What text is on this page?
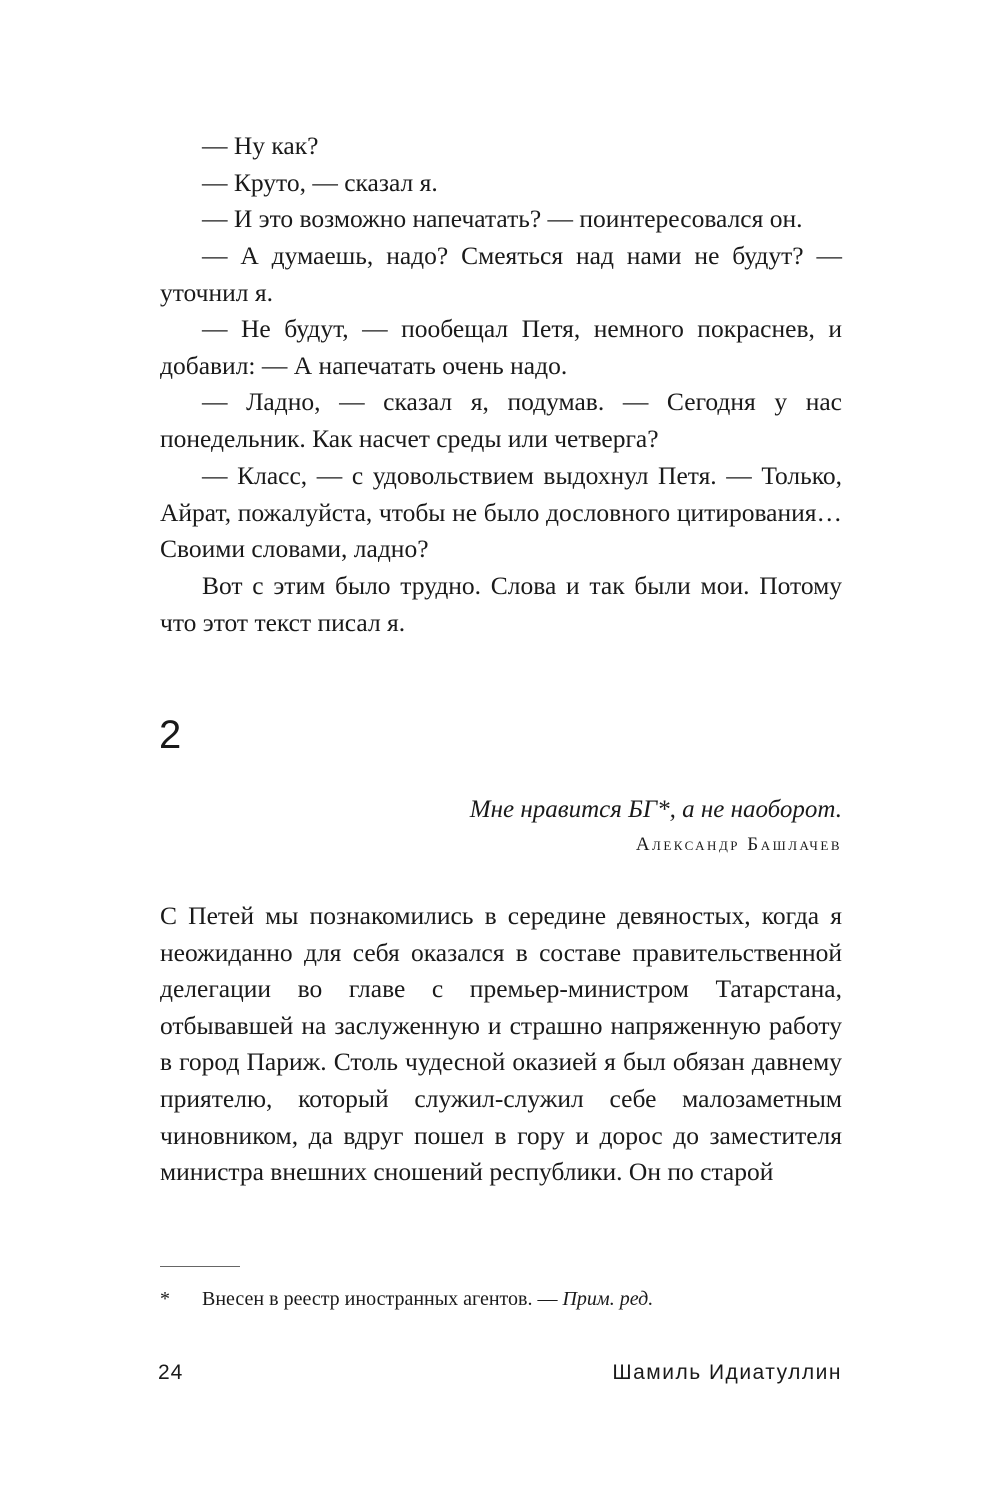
— Ну как?

— Круто, — сказал я.

— И это возможно напечатать? — поинтересовался он.

— А думаешь, надо? Смеяться над нами не будут? — уточнил я.

— Не будут, — пообещал Петя, немного покраснев, и добавил: — А напечатать очень надо.

— Ладно, — сказал я, подумав. — Сегодня у нас понедельник. Как насчет среды или четверга?

— Класс, — с удовольствием выдохнул Петя. — Только, Айрат, пожалуйста, чтобы не было дословного цитирования… Своими словами, ладно?

Вот с этим было трудно. Слова и так были мои. Потому что этот текст писал я.

2
Мне нравится БГ*, а не наоборот.
Александр Башлачев

С Петей мы познакомились в середине девяностых, когда я неожиданно для себя оказался в составе правительственной делегации во главе с премьер-министром Татарстана, отбывавшей на заслуженную и страшно напряженную работу в город Париж. Столь чудесной оказией я был обязан давнему приятелю, который служил-служил себе малозаметным чиновником, да вдруг пошел в гору и дорос до заместителя министра внешних сношений республики. Он по старой

* Внесен в реестр иностранных агентов. — Прим. ред.
24	Шамиль Идиатуллин
